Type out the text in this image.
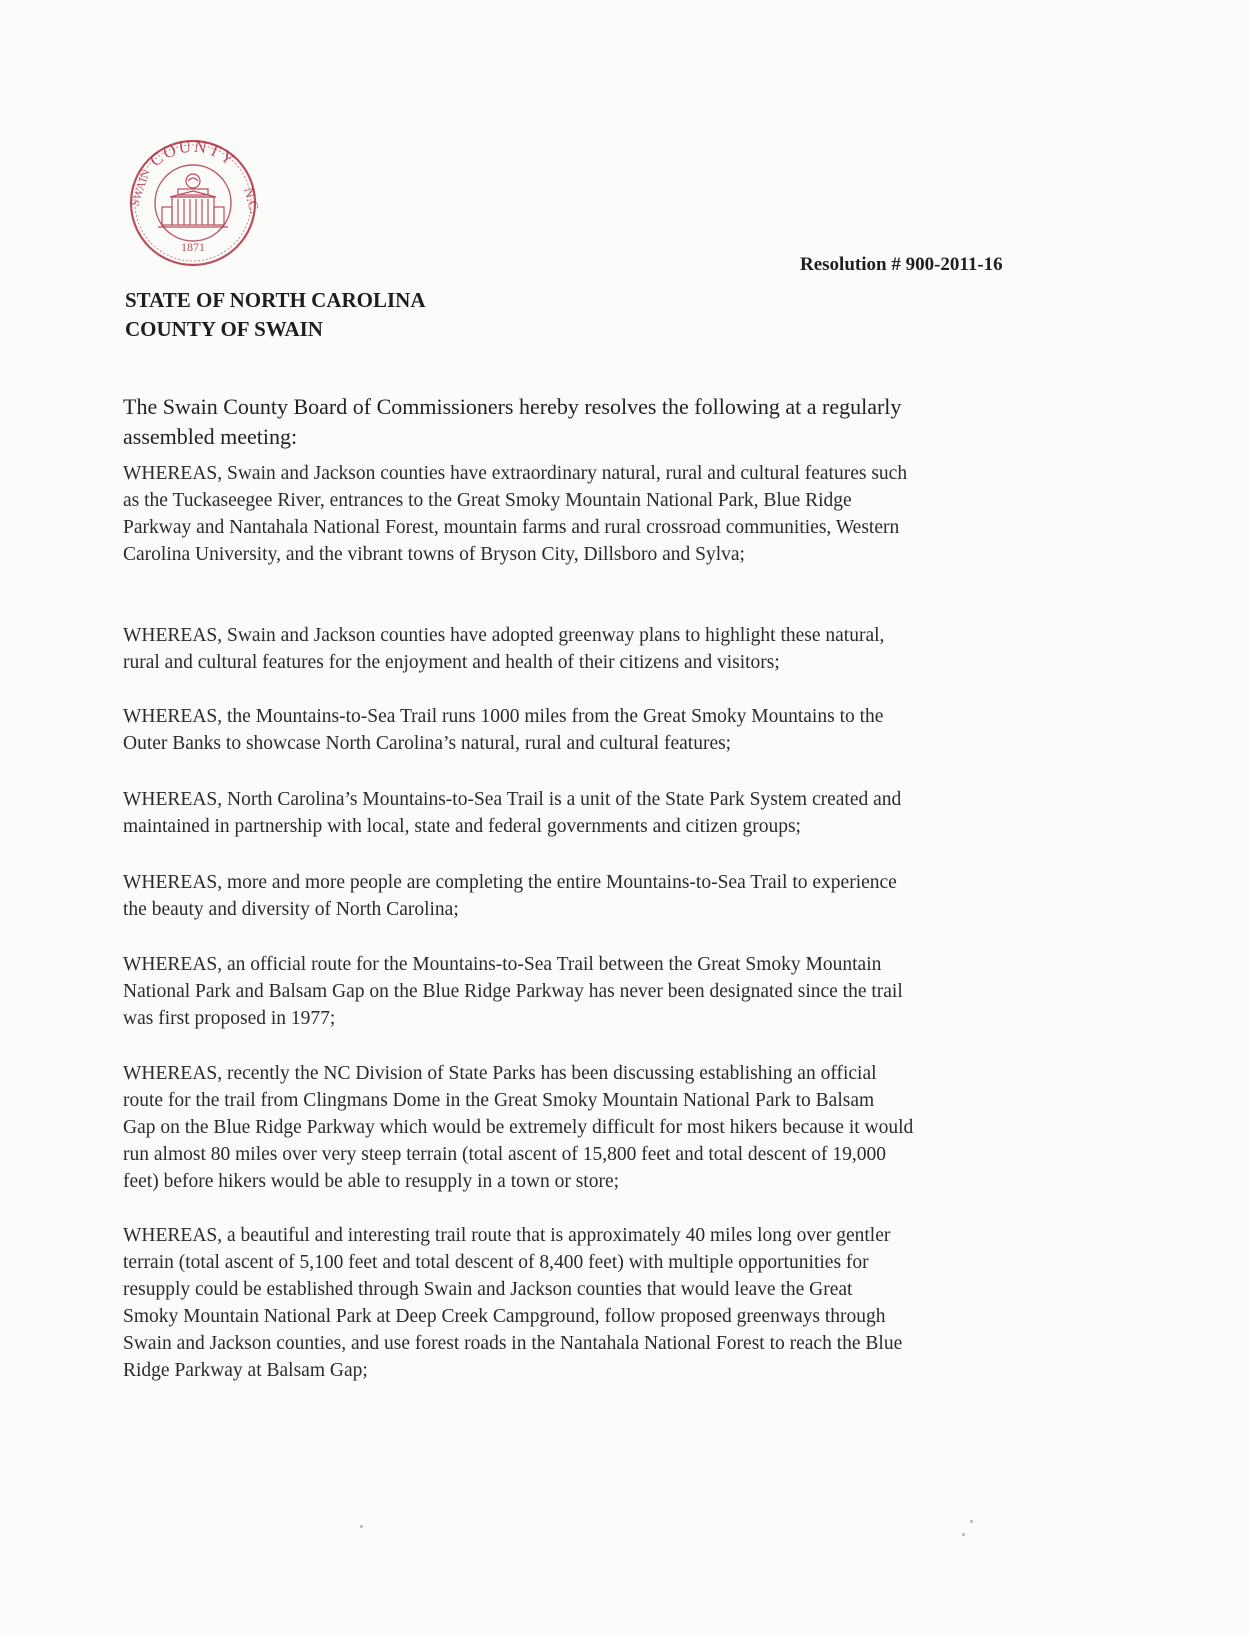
COUNTY
SWAIN	N.C.
1871
Resolution # 900-2011-16
STATE OF NORTH CAROLINA
COUNTY OF SWAIN
The Swain County Board of Commissioners hereby resolves the following at a regularly
assembled meeting:
WHEREAS, Swain and Jackson counties have extraordinary natural, rural and cultural features such
as the Tuckaseegee River, entrances to the Great Smoky Mountain National Park, Blue Ridge
Parkway and Nantahala National Forest, mountain farms and rural crossroad communities, Western
Carolina University, and the vibrant towns of Bryson City, Dillsboro and Sylva;
WHEREAS, Swain and Jackson counties have adopted greenway plans to highlight these natural,
rural and cultural features for the enjoyment and health of their citizens and visitors;
WHEREAS, the Mountains-to-Sea Trail runs 1000 miles from the Great Smoky Mountains to the
Outer Banks to showcase North Carolina’s natural, rural and cultural features;
WHEREAS, North Carolina’s Mountains-to-Sea Trail is a unit of the State Park System created and
maintained in partnership with local, state and federal governments and citizen groups;
WHEREAS, more and more people are completing the entire Mountains-to-Sea Trail to experience
the beauty and diversity of North Carolina;
WHEREAS, an official route for the Mountains-to-Sea Trail between the Great Smoky Mountain
National Park and Balsam Gap on the Blue Ridge Parkway has never been designated since the trail
was first proposed in 1977;
WHEREAS, recently the NC Division of State Parks has been discussing establishing an official
route for the trail from Clingmans Dome in the Great Smoky Mountain National Park to Balsam
Gap on the Blue Ridge Parkway which would be extremely difficult for most hikers because it would
run almost 80 miles over very steep terrain (total ascent of 15,800 feet and total descent of 19,000
feet) before hikers would be able to resupply in a town or store;
WHEREAS, a beautiful and interesting trail route that is approximately 40 miles long over gentler
terrain (total ascent of 5,100 feet and total descent of 8,400 feet) with multiple opportunities for
resupply could be established through Swain and Jackson counties that would leave the Great
Smoky Mountain National Park at Deep Creek Campground, follow proposed greenways through
Swain and Jackson counties, and use forest roads in the Nantahala National Forest to reach the Blue
Ridge Parkway at Balsam Gap;
